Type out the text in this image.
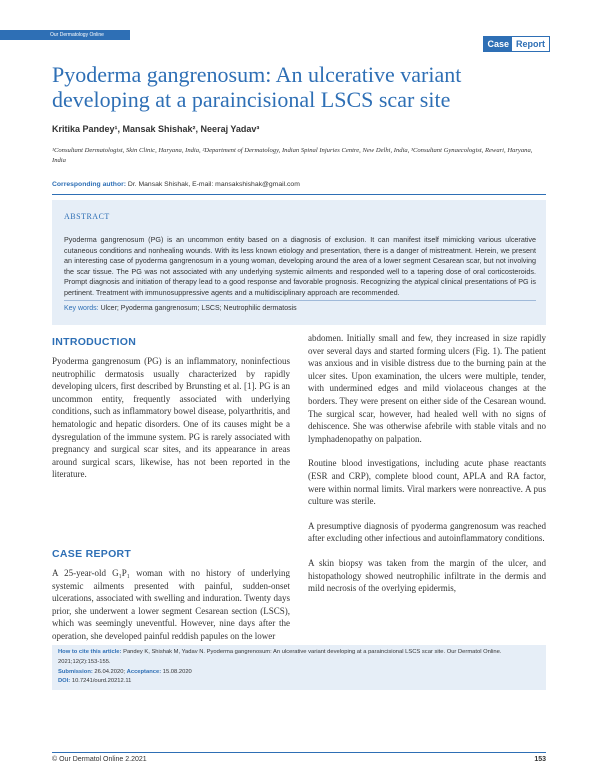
Our Dermatology Online
Case Report
Pyoderma gangrenosum: An ulcerative variant developing at a paraincisional LSCS scar site
Kritika Pandey¹, Mansak Shishak², Neeraj Yadav³
¹Consultant Dermatologist, Skin Clinic, Haryana, India, ²Department of Dermatology, Indian Spinal Injuries Centre, New Delhi, India, ³Consultant Gynaecologist, Rewari, Haryana, India
Corresponding author: Dr. Mansak Shishak, E-mail: mansakshishak@gmail.com
ABSTRACT
Pyoderma gangrenosum (PG) is an uncommon entity based on a diagnosis of exclusion. It can manifest itself mimicking various ulcerative cutaneous conditions and nonhealing wounds. With its less known etiology and presentation, there is a danger of mistreatment. Herein, we present an interesting case of pyoderma gangrenosum in a young woman, developing around the area of a lower segment Cesarean scar, but not involving the scar tissue. The PG was not associated with any underlying systemic ailments and responded well to a tapering dose of oral corticosteroids. Prompt diagnosis and initiation of therapy lead to a good response and favorable prognosis. Recognizing the atypical clinical presentations of PG is pertinent. Treatment with immunosuppressive agents and a multidisciplinary approach are recommended.
Key words: Ulcer; Pyoderma gangrenosum; LSCS; Neutrophilic dermatosis
INTRODUCTION

Pyoderma gangrenosum (PG) is an inflammatory, noninfectious neutrophilic dermatosis usually characterized by rapidly developing ulcers, first described by Brunsting et al. [1]. PG is an uncommon entity, frequently associated with underlying conditions, such as inflammatory bowel disease, polyarthritis, and hematologic and hepatic disorders. One of its causes might be a dysregulation of the immune system. PG is rarely associated with pregnancy and surgical scar sites, and its appearance in areas around surgical scars, likewise, has not been reported in the literature.

CASE REPORT

A 25-year-old G₁P₁ woman with no history of underlying systemic ailments presented with painful, sudden-onset ulcerations, associated with swelling and induration. Twenty days prior, she underwent a lower segment Cesarean section (LSCS), which was seemingly uneventful. However, nine days after the operation, she developed painful reddish papules on the lower

abdomen. Initially small and few, they increased in size rapidly over several days and started forming ulcers (Fig. 1). The patient was anxious and in visible distress due to the burning pain at the ulcer sites. Upon examination, the ulcers were multiple, tender, with undermined edges and mild violaceous changes at the borders. They were present on either side of the Cesarean wound. The surgical scar, however, had healed well with no signs of dehiscence. She was otherwise afebrile with stable vitals and no lymphadenopathy on palpation.

Routine blood investigations, including acute phase reactants (ESR and CRP), complete blood count, APLA and RA factor, were within normal limits. Viral markers were nonreactive. A pus culture was sterile.

A presumptive diagnosis of pyoderma gangrenosum was reached after excluding other infectious and autoinflammatory conditions.

A skin biopsy was taken from the margin of the ulcer, and histopathology showed neutrophilic infiltrate in the dermis and mild necrosis of the overlying epidermis,

How to cite this article: Pandey K, Shishak M, Yadav N. Pyoderma gangrenosum: An ulcerative variant developing at a paraincisional LSCS scar site. Our Dermatol Online. 2021;12(2):153-155.
Submission: 26.04.2020; Acceptance: 15.08.2020
DOI: 10.7241/ourd.20212.11
© Our Dermatol Online 2.2021	153
